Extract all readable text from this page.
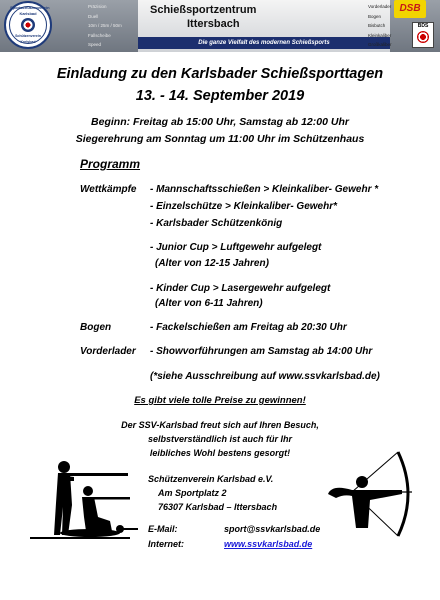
Sportschützenverein Karlsbad
Schützenverein Karlsbad
Präzision
Duell
10m / 25m / 50m
Fallscheibe
Speed
Schießsportzentrum
Ittersbach
Die ganze Vielfalt des modernen Schießsports
Vorderlader
Bogen
Bisbutch
Kleinkaliber
Großkaliber
DSB
BDS
Einladung zu den Karlsbader Schießsporttagen
13. - 14. September 2019
Beginn: Freitag ab 15:00 Uhr, Samstag ab 12:00 Uhr
Siegerehrung am Sonntag um 11:00 Uhr im Schützenhaus
Programm
Wettkämpfe - Mannschaftsschießen > Kleinkaliber- Gewehr *
- Einzelschütze > Kleinkaliber- Gewehr*
- Karlsbader Schützenkönig
- Junior Cup > Luftgewehr aufgelegt
(Alter von 12-15 Jahren)
- Kinder Cup > Lasergewehr aufgelegt
(Alter von 6-11 Jahren)
Bogen	- Fackelschießen am Freitag ab 20:30 Uhr
Vorderlader - Showvorführungen am Samstag ab 14:00 Uhr
(*siehe Ausschreibung auf www.ssvkarlsbad.de)
Es gibt viele tolle Preise zu gewinnen!
Der SSV-Karlsbad freut sich auf Ihren Besuch,
selbstverständlich ist auch für Ihr
leibliches Wohl bestens gesorgt!
Schützenverein Karlsbad e.V.
Am Sportplatz 2
76307 Karlsbad – Ittersbach
E-Mail:	sport@ssvkarlsbad.de
Internet:	www.ssvkarlsbad.de
